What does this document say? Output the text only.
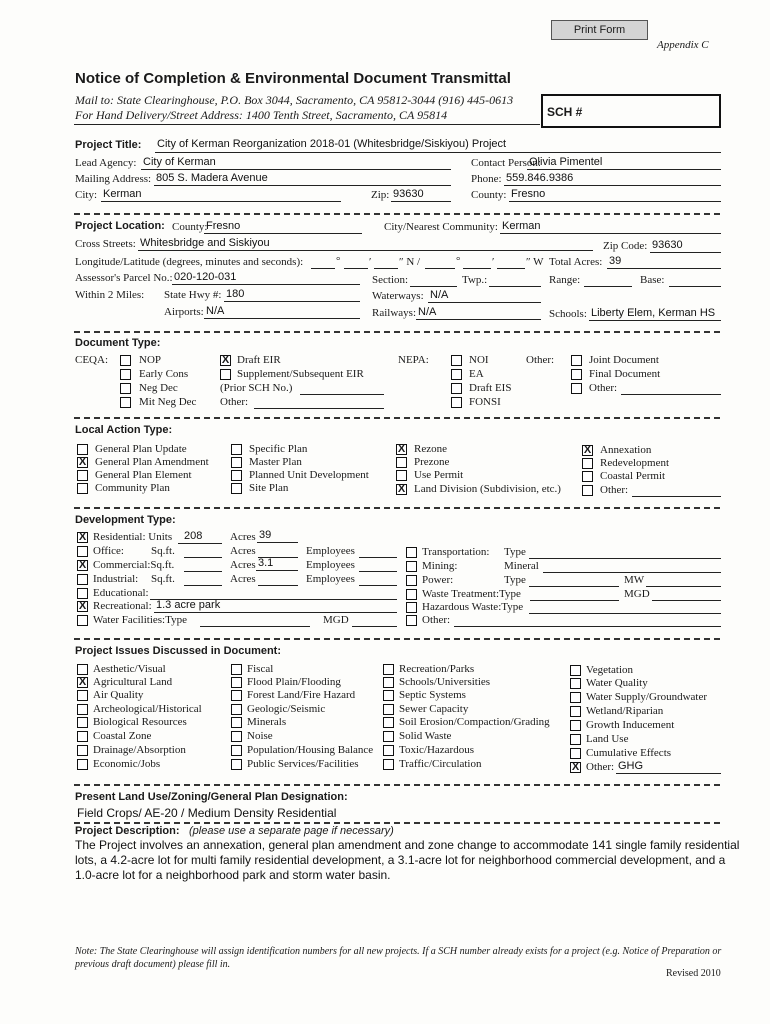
Print Form
Appendix C
Notice of Completion & Environmental Document Transmittal
Mail to: State Clearinghouse, P.O. Box 3044, Sacramento, CA 95812-3044 (916) 445-0613
For Hand Delivery/Street Address: 1400 Tenth Street, Sacramento, CA 95814	SCH #
Project Title: City of Kerman Reorganization 2018-01 (Whitesbridge/Siskiyou) Project
Lead Agency: City of Kerman	Contact Person:
Olivia Pimentel
Mailing Address: 805 S. Madera Avenue	Phone: 559.846.9386
City: Kerman	Zip: 93630	County: Fresno
Project Location: County:
Fresno	City/Nearest Community: Kerman
Cross Streets: Whitesbridge and Siskiyou	Zip Code: 93630
Longitude/Latitude (degrees, minutes and seconds):	°	′	″ N /	°	′	″ W Total Acres: 39
Assessor's Parcel No.: 020-120-031	Section:	Twp.:	Range:	Base:
Within 2 Miles: State Hwy #: 180	Waterways: N/A
Airports: N/A	Railways: N/A	Schools: Liberty Elem, Kerman HS
Document Type:
CEQA:	NOP
Early Cons
Neg Dec
Mit Neg Dec
X Draft EIR
Supplement/Subsequent EIR
(Prior SCH No.)
Other:
NEPA:	NOI
EA
Draft EIS
FONSI
Other:	Joint Document
Final Document
Other:
Local Action Type:
General Plan Update
X General Plan Amendment
General Plan Element
Community Plan
Specific Plan
Master Plan
Planned Unit Development
Site Plan
X Rezone
Prezone
Use Permit
X Land Division (Subdivision, etc.)
X Annexation
Redevelopment
Coastal Permit
Other:
Development Type:
X Residential: Units 208	Acres 39
Office: Sq.ft.	Acres	Employees
X Commercial:Sq.ft.	Acres 3.1	Employees
Industrial: Sq.ft.	Acres	Employees
Educational:
X Recreational: 1.3 acre park
Water Facilities:Type	MGD
Transportation: Type
Mining:	Mineral
Power:	Type	MW
Waste Treatment:Type	MGD
Hazardous Waste:Type
Other:
Project Issues Discussed in Document:
Aesthetic/Visual
X Agricultural Land
Air Quality
Archeological/Historical
Biological Resources
Coastal Zone
Drainage/Absorption
Economic/Jobs
Fiscal
Flood Plain/Flooding
Forest Land/Fire Hazard
Geologic/Seismic
Minerals
Noise
Population/Housing Balance
Public Services/Facilities
Recreation/Parks
Schools/Universities
Septic Systems
Sewer Capacity
Soil Erosion/Compaction/Grading
Solid Waste
Toxic/Hazardous
Traffic/Circulation
Vegetation
Water Quality
Water Supply/Groundwater
Wetland/Riparian
Growth Inducement
Land Use
Cumulative Effects
X Other: GHG
Present Land Use/Zoning/General Plan Designation:
Field Crops/ AE-20 / Medium Density Residential
Project Description: (please use a separate page if necessary)
The Project involves an annexation, general plan amendment and zone change to accommodate 141 single family residential
lots, a 4.2-acre lot for multi family residential development, a 3.1-acre lot for neighborhood commercial development, and a
1.0-acre lot for a neighborhood park and storm water basin.
Note: The State Clearinghouse will assign identification numbers for all new projects. If a SCH number already exists for a project (e.g. Notice of Preparation or
previous draft document) please fill in.
Revised 2010
